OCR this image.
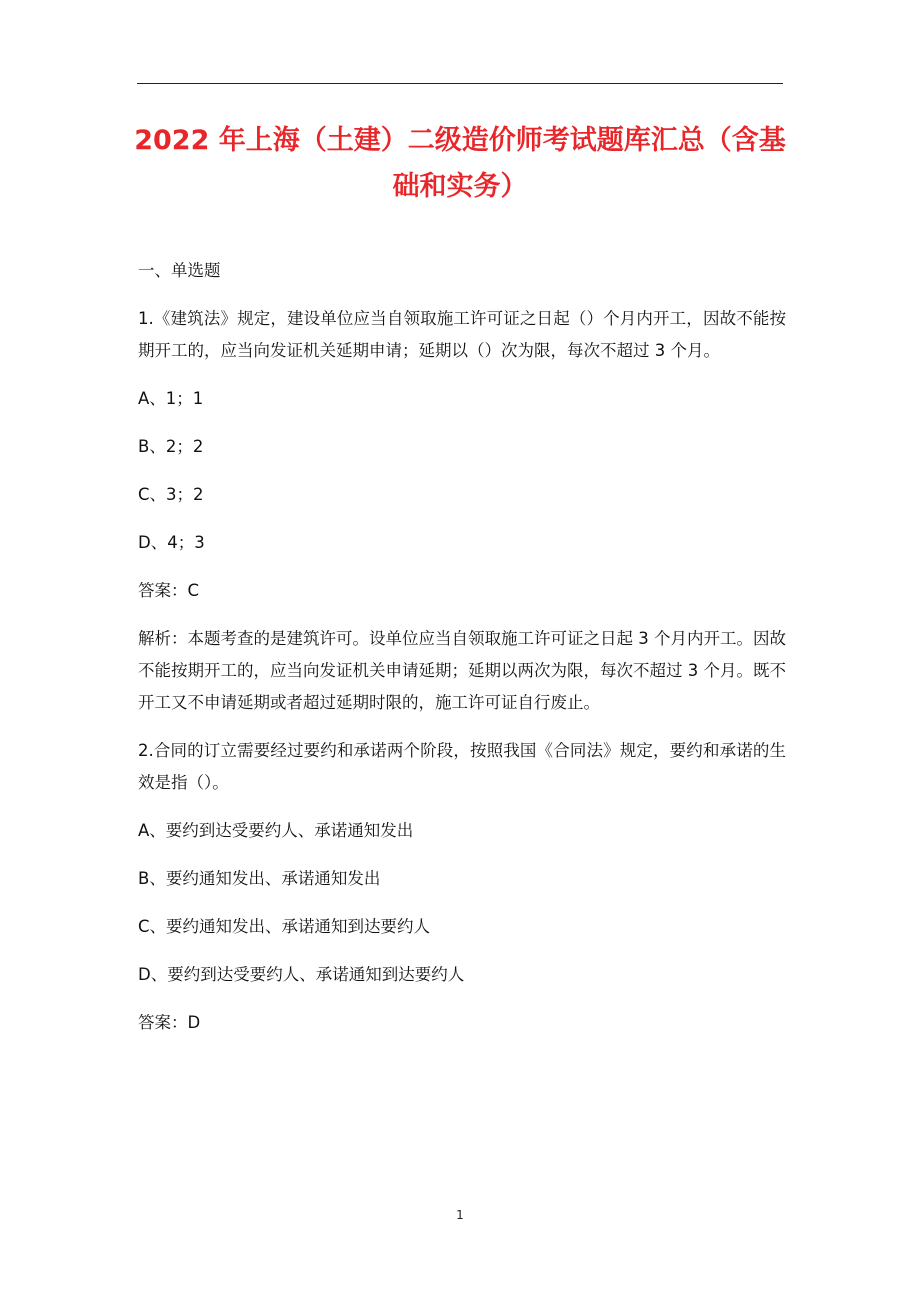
2022 年上海（土建）二级造价师考试题库汇总（含基
础和实务）

一、单选题

1.《建筑法》规定，建设单位应当自领取施工许可证之日起（）个月内开工，因故不能按期开工的，应当向发证机关延期申请；延期以（）次为限，每次不超过 3 个月。

A、1；1

B、2；2

C、3；2

D、4；3

答案：C

解析：本题考查的是建筑许可。设单位应当自领取施工许可证之日起 3 个月内开工。因故不能按期开工的，应当向发证机关申请延期；延期以两次为限，每次不超过 3 个月。既不开工又不申请延期或者超过延期时限的，施工许可证自行废止。

2.合同的订立需要经过要约和承诺两个阶段，按照我国《合同法》规定，要约和承诺的生效是指（）。

A、要约到达受要约人、承诺通知发出

B、要约通知发出、承诺通知发出

C、要约通知发出、承诺通知到达要约人

D、要约到达受要约人、承诺通知到达要约人

答案：D

1
